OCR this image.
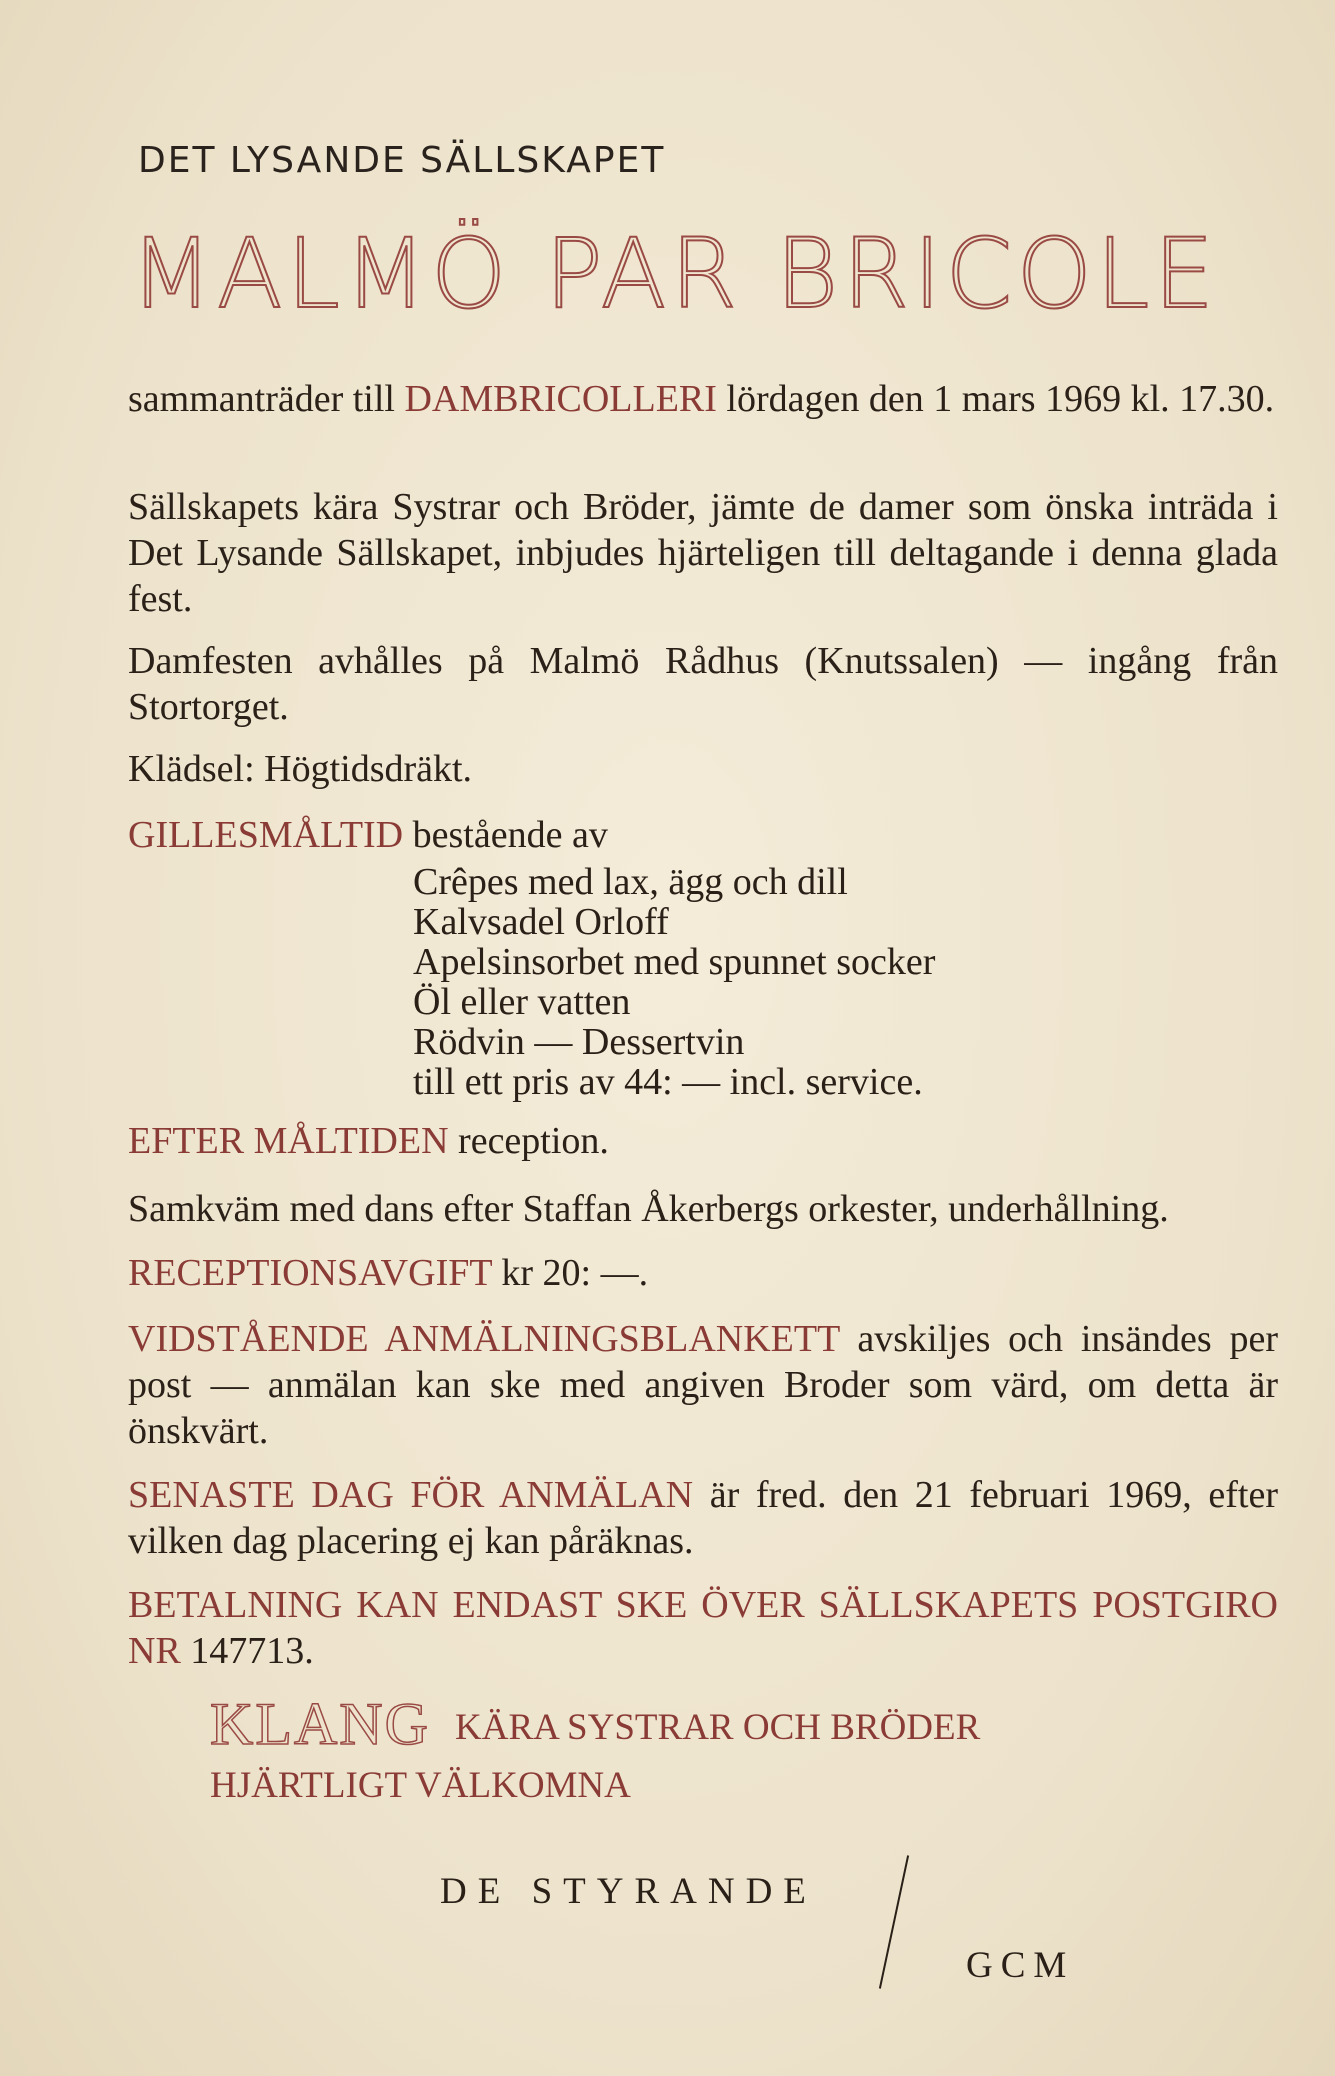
DET LYSANDE SÄLLSKAPET
MALMÖ PAR BRICOLE
sammanträder till DAMBRICOLLERI lördagen den 1 mars 1969 kl. 17.30.
Sällskapets kära Systrar och Bröder, jämte de damer som önska inträda i Det Lysande Sällskapet, inbjudes hjärteligen till deltagande i denna glada fest.
Damfesten avhålles på Malmö Rådhus (Knutssalen) — ingång från Stortorget.
Klädsel: Högtidsdräkt.
GILLESMÅLTID bestående av
Crêpes med lax, ägg och dill
Kalvsadel Orloff
Apelsinsorbet med spunnet socker
Öl eller vatten
Rödvin — Dessertvin
till ett pris av 44: — incl. service.
EFTER MÅLTIDEN reception.
Samkväm med dans efter Staffan Åkerbergs orkester, underhållning.
RECEPTIONSAVGIFT kr 20: —.
VIDSTÅENDE ANMÄLNINGSBLANKETT avskiljes och insändes per post — anmälan kan ske med angiven Broder som värd, om detta är önskvärt.
SENASTE DAG FÖR ANMÄLAN är fred. den 21 februari 1969, efter vilken dag placering ej kan påräknas.
BETALNING KAN ENDAST SKE ÖVER SÄLLSKAPETS POSTGIRO NR 147713.
KLANG KÄRA SYSTRAR OCH BRÖDER
HJÄRTLIGT VÄLKOMNA
DE STYRANDE
GCM
